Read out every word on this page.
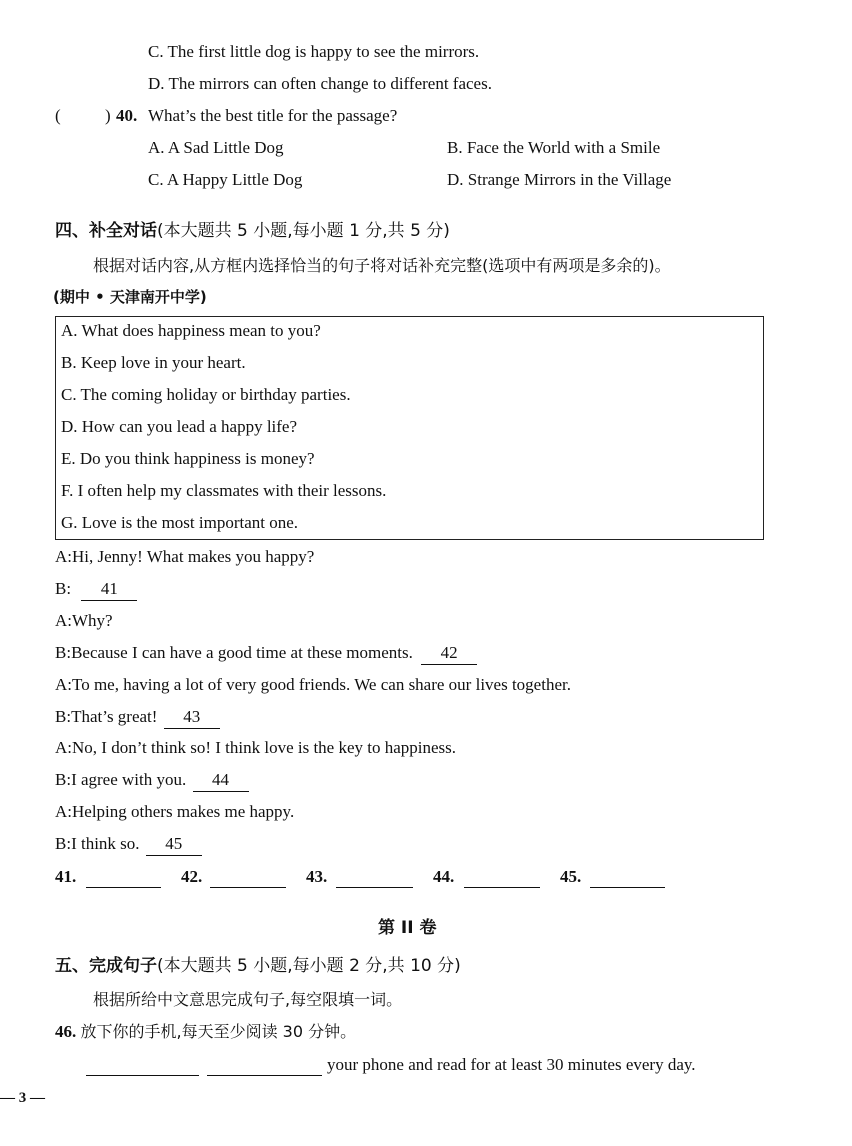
C. The first little dog is happy to see the mirrors.
D. The mirrors can often change to different faces.
(	) 40. What’s the best title for the passage?
A. A Sad Little Dog	B. Face the World with a Smile
C. A Happy Little Dog	D. Strange Mirrors in the Village
四、补全对话(本大题共 5 小题,每小题 1 分,共 5 分)
根据对话内容,从方框内选择恰当的句子将对话补充完整(选项中有两项是多余的)。
(期中 • 天津南开中学)
A. What does happiness mean to you?
B. Keep love in your heart.
C. The coming holiday or birthday parties.
D. How can you lead a happy life?
E. Do you think happiness is money?
F. I often help my classmates with their lessons.
G. Love is the most important one.
A:Hi, Jenny! What makes you happy?
B: 41
A:Why?
B:Because I can have a good time at these moments. 42
A:To me, having a lot of very good friends. We can share our lives together.
B:That’s great! 43
A:No, I don’t think so! I think love is the key to happiness.
B:I agree with you. 44
A:Helping others makes me happy.
B:I think so. 45
41.	42.	43.	44.	45.
第 II 卷
五、完成句子(本大题共 5 小题,每小题 2 分,共 10 分)
根据所给中文意思完成句子,每空限填一词。
46. 放下你的手机,每天至少阅读 30 分钟。
your phone and read for at least 30 minutes every day.
— 3 —
